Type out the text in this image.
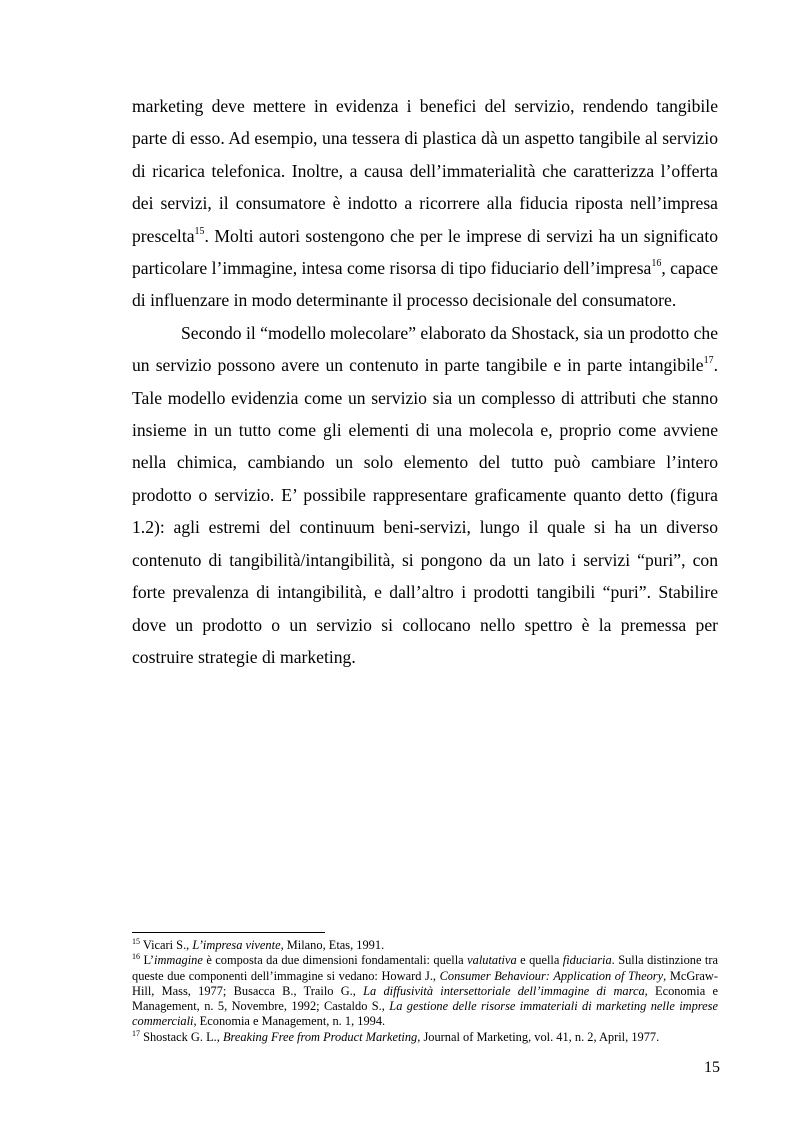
marketing deve mettere in evidenza i benefici del servizio, rendendo tangibile parte di esso. Ad esempio, una tessera di plastica dà un aspetto tangibile al servizio di ricarica telefonica. Inoltre, a causa dell’immaterialità che caratterizza l’offerta dei servizi, il consumatore è indotto a ricorrere alla fiducia riposta nell’impresa prescelta$^{15}$. Molti autori sostengono che per le imprese di servizi ha un significato particolare l’immagine, intesa come risorsa di tipo fiduciario dell’impresa$^{16}$, capace di influenzare in modo determinante il processo decisionale del consumatore.

Secondo il “modello molecolare” elaborato da Shostack, sia un prodotto che un servizio possono avere un contenuto in parte tangibile e in parte intangibile$^{17}$. Tale modello evidenzia come un servizio sia un complesso di attributi che stanno insieme in un tutto come gli elementi di una molecola e, proprio come avviene nella chimica, cambiando un solo elemento del tutto può cambiare l’intero prodotto o servizio. E’ possibile rappresentare graficamente quanto detto (figura 1.2): agli estremi del continuum beni-servizi, lungo il quale si ha un diverso contenuto di tangibilità/intangibilità, si pongono da un lato i servizi “puri”, con forte prevalenza di intangibilità, e dall’altro i prodotti tangibili “puri”. Stabilire dove un prodotto o un servizio si collocano nello spettro è la premessa per costruire strategie di marketing.

$^{15}$ Vicari S., L’impresa vivente, Milano, Etas, 1991.

$^{16}$ L’immagine è composta da due dimensioni fondamentali: quella valutativa e quella fiduciaria. Sulla distinzione tra queste due componenti dell’immagine si vedano: Howard J., Consumer Behaviour: Application of Theory, McGraw-Hill, Mass, 1977; Busacca B., Trailo G., La diffusività intersettoriale dell’immagine di marca, Economia e Management, n. 5, Novembre, 1992; Castaldo S., La gestione delle risorse immateriali di marketing nelle imprese commerciali, Economia e Management, n. 1, 1994.

$^{17}$ Shostack G. L., Breaking Free from Product Marketing, Journal of Marketing, vol. 41, n. 2, April, 1977.

15
